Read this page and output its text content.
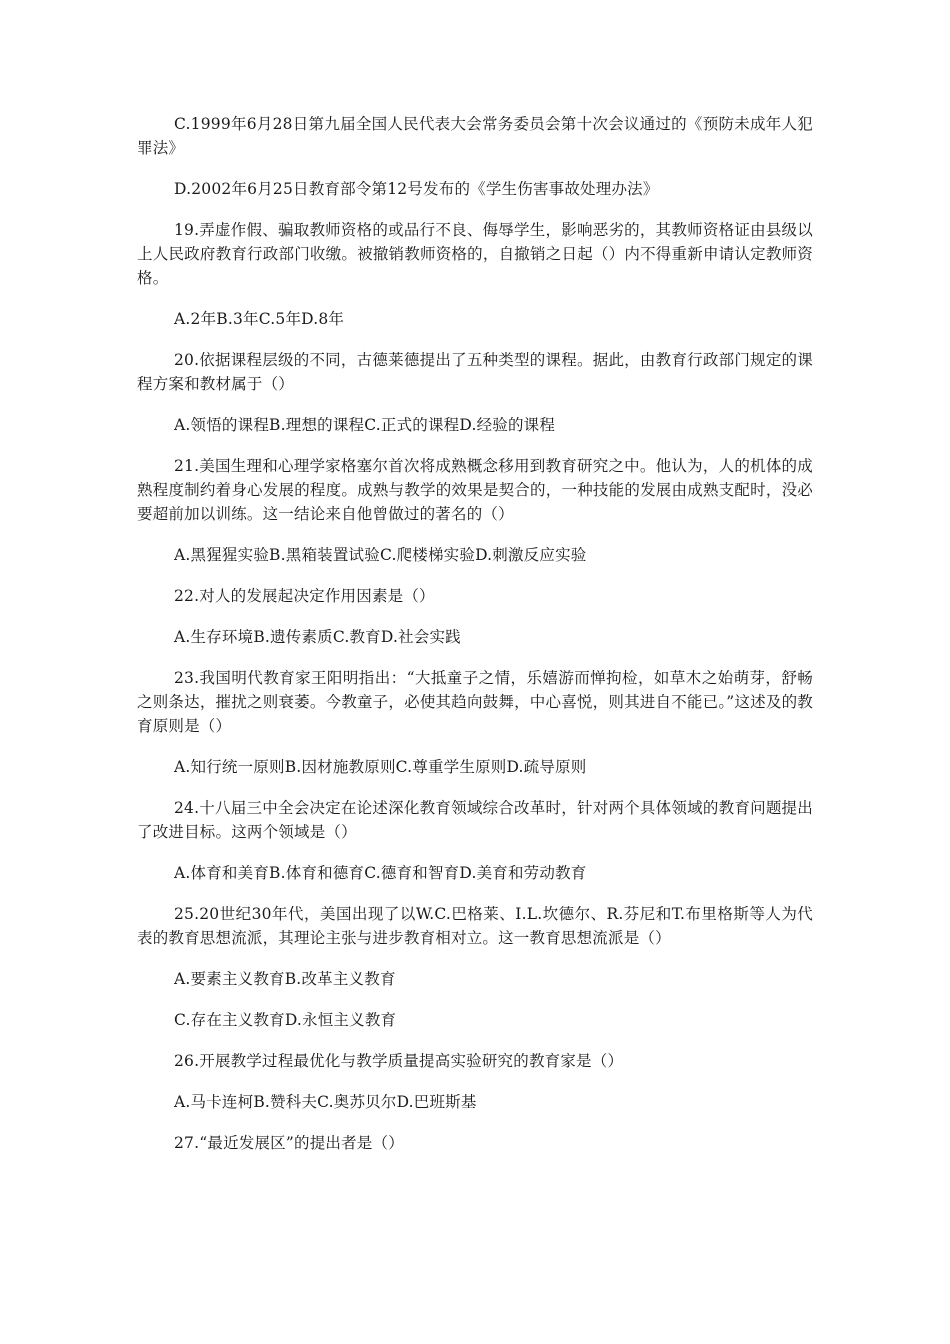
C.1999年6月28日第九届全国人民代表大会常务委员会第十次会议通过的《预防未成年人犯罪法》

D.2002年6月25日教育部令第12号发布的《学生伤害事故处理办法》

19.弄虚作假、骗取教师资格的或品行不良、侮辱学生，影响恶劣的，其教师资格证由县级以上人民政府教育行政部门收缴。被撤销教师资格的，自撤销之日起（）内不得重新申请认定教师资格。

A.2年B.3年C.5年D.8年

20.依据课程层级的不同，古德莱德提出了五种类型的课程。据此，由教育行政部门规定的课程方案和教材属于（）

A.领悟的课程B.理想的课程C.正式的课程D.经验的课程

21.美国生理和心理学家格塞尔首次将成熟概念移用到教育研究之中。他认为，人的机体的成熟程度制约着身心发展的程度。成熟与教学的效果是契合的，一种技能的发展由成熟支配时，没必要超前加以训练。这一结论来自他曾做过的著名的（）

A.黑猩猩实验B.黑箱装置试验C.爬楼梯实验D.刺激反应实验

22.对人的发展起决定作用因素是（）

A.生存环境B.遗传素质C.教育D.社会实践

23.我国明代教育家王阳明指出：“大抵童子之情，乐嬉游而惮拘检，如草木之始萌芽，舒畅之则条达，摧扰之则衰萎。今教童子，必使其趋向鼓舞，中心喜悦，则其进自不能已。”这述及的教育原则是（）

A.知行统一原则B.因材施教原则C.尊重学生原则D.疏导原则

24.十八届三中全会决定在论述深化教育领域综合改革时，针对两个具体领域的教育问题提出了改进目标。这两个领域是（）

A.体育和美育B.体育和德育C.德育和智育D.美育和劳动教育

25.20世纪30年代，美国出现了以W.C.巴格莱、I.L.坎德尔、R.芬尼和T.布里格斯等人为代表的教育思想流派，其理论主张与进步教育相对立。这一教育思想流派是（）

A.要素主义教育B.改革主义教育

C.存在主义教育D.永恒主义教育

26.开展教学过程最优化与教学质量提高实验研究的教育家是（）

A.马卡连柯B.赞科夫C.奥苏贝尔D.巴班斯基

27.“最近发展区”的提出者是（）
